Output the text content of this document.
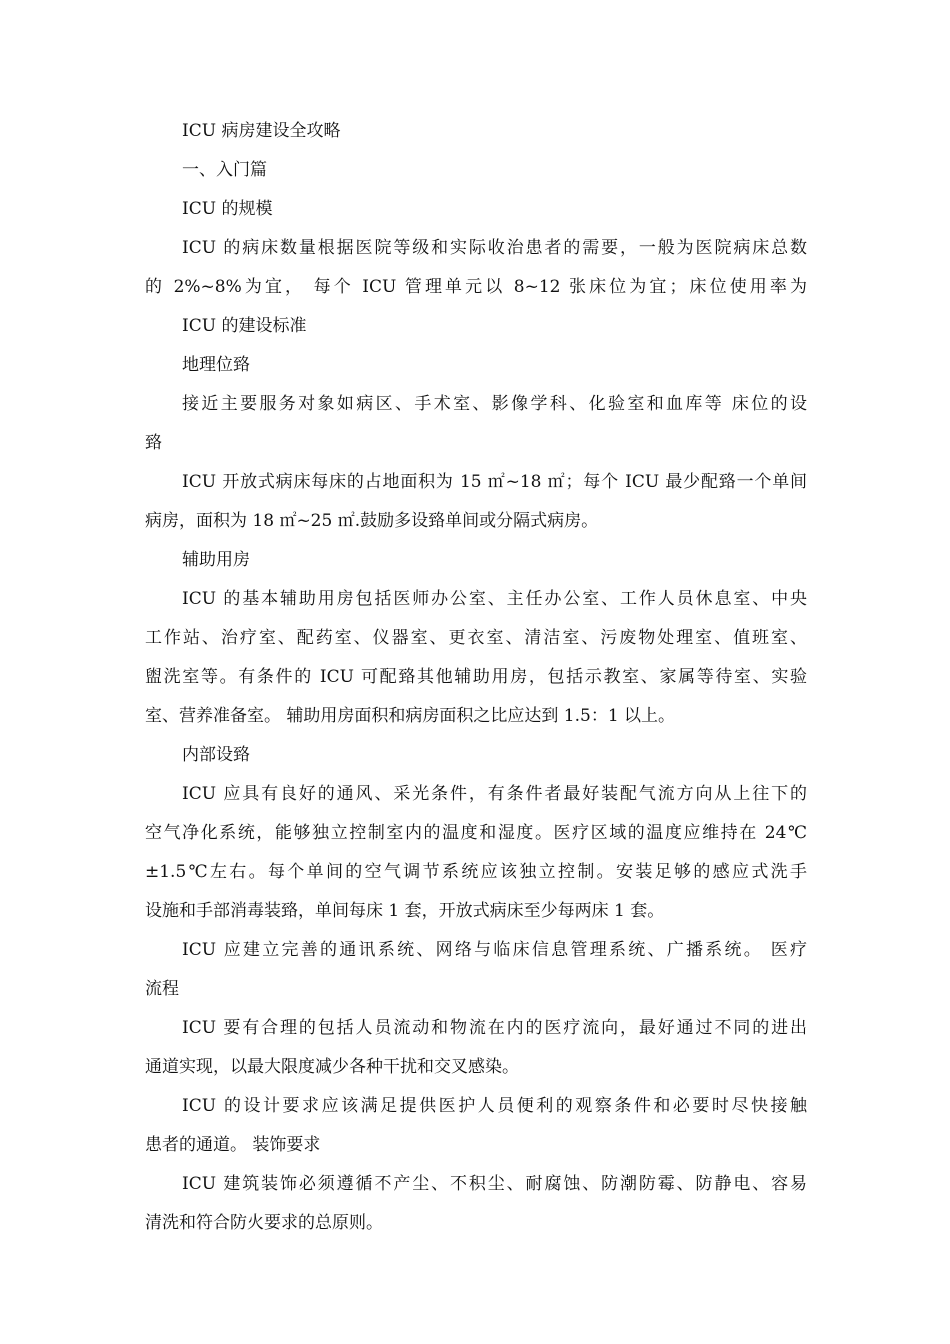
ICU 病房建设全攻略
一、入门篇
ICU 的规模
ICU 的病床数量根据医院等级和实际收治患者的需要，一般为医院病床总数
的 2%~8%为宜， 每个 ICU 管理单元以 8~12 张床位为宜；床位使用率为
ICU 的建设标准
地理位臵
接近主要服务对象如病区、手术室、影像学科、化验室和血库等 床位的设
臵
ICU 开放式病床每床的占地面积为 15 ㎡~18 ㎡；每个 ICU 最少配臵一个单间
病房，面积为 18 ㎡~25 ㎡.鼓励多设臵单间或分隔式病房。
辅助用房
ICU 的基本辅助用房包括医师办公室、主任办公室、工作人员休息室、中央
工作站、治疗室、配药室、仪器室、更衣室、清洁室、污废物处理室、值班室、
盥洗室等。有条件的 ICU 可配臵其他辅助用房，包括示教室、家属等待室、实验
室、营养准备室。 辅助用房面积和病房面积之比应达到 1.5：1 以上。
内部设臵
ICU 应具有良好的通风、采光条件，有条件者最好装配气流方向从上往下的
空气净化系统，能够独立控制室内的温度和湿度。医疗区域的温度应维持在 24℃
±1.5℃左右。每个单间的空气调节系统应该独立控制。安装足够的感应式洗手
设施和手部消毒装臵，单间每床 1 套，开放式病床至少每两床 1 套。
ICU 应建立完善的通讯系统、网络与临床信息管理系统、广播系统。 医疗
流程
ICU 要有合理的包括人员流动和物流在内的医疗流向，最好通过不同的进出
通道实现，以最大限度减少各种干扰和交叉感染。
ICU 的设计要求应该满足提供医护人员便利的观察条件和必要时尽快接触
患者的通道。 装饰要求
ICU 建筑装饰必须遵循不产尘、不积尘、耐腐蚀、防潮防霉、防静电、容易
清洗和符合防火要求的总原则。
